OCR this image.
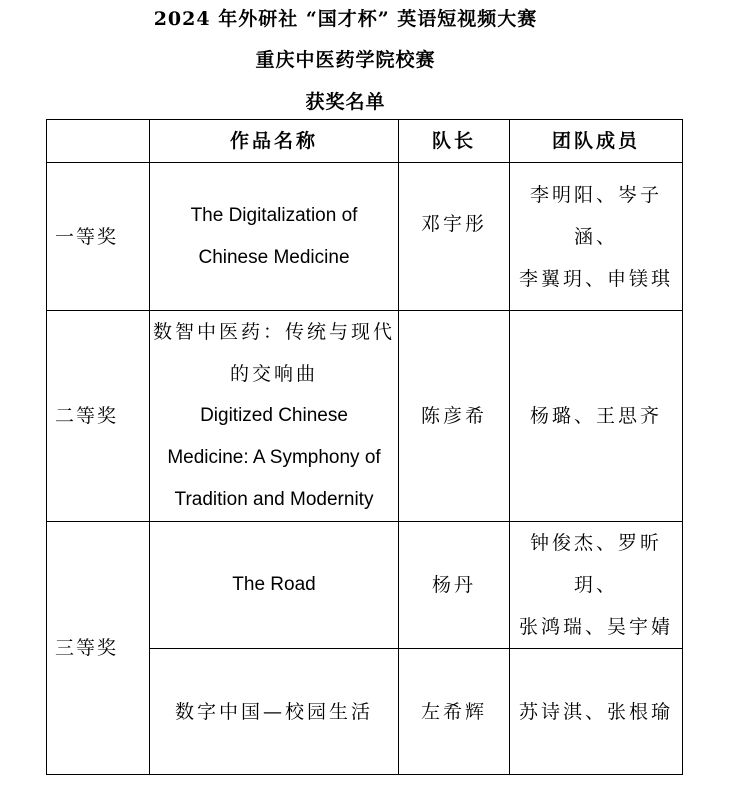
2024 年外研社 “国才杯” 英语短视频大赛
重庆中医药学院校赛
获奖名单
	作品名称	队长	团队成员
一等奖	The Digitalization of
Chinese Medicine	邓宇彤	李明阳、岑子涵、
李翼玥、申镁琪

二等奖	数智中医药：传统与现代
的交响曲
Digitized Chinese
Medicine: A Symphony of
Tradition and Modernity	陈彦希	杨璐、王思齐

三等奖	The Road	杨丹	钟俊杰、罗昕玥、
张鸿瑞、吴宇婧

	数字中国—校园生活	左希辉	苏诗淇、张根瑜
